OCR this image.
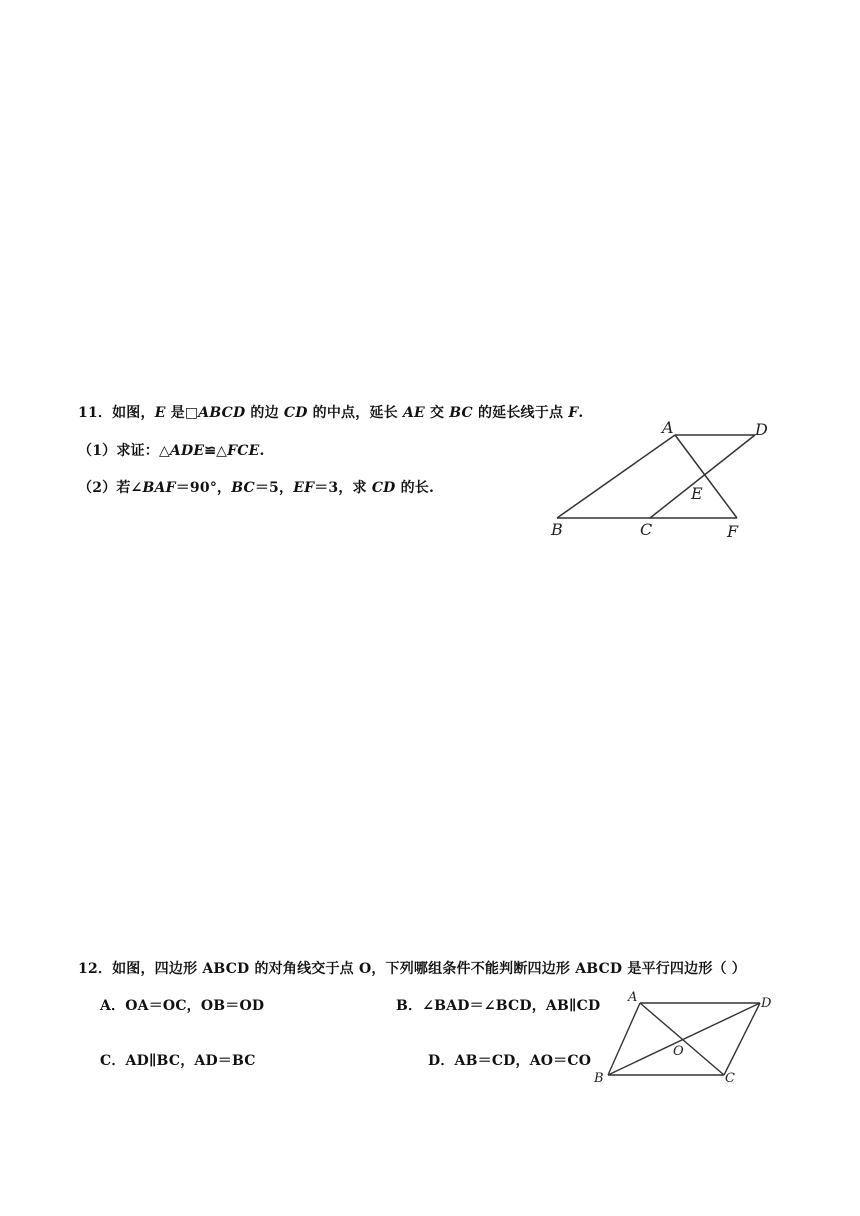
11．如图，E 是□ABCD 的边 CD 的中点，延长 AE 交 BC 的延长线于点 F.
（1）求证：△ADE≌△FCE.
（2）若∠BAF＝90°，BC＝5，EF＝3，求 CD 的长.
A	D
E
B	C	F
12．如图，四边形 ABCD 的对角线交于点 O，下列哪组条件不能判断四边形 ABCD 是平行四边形（ ）
A．OA＝OC，OB＝OD	B．∠BAD＝∠BCD，AB∥CD
C．AD∥BC，AD＝BC	D．AB＝CD，AO＝CO
A	D
O
B	C
